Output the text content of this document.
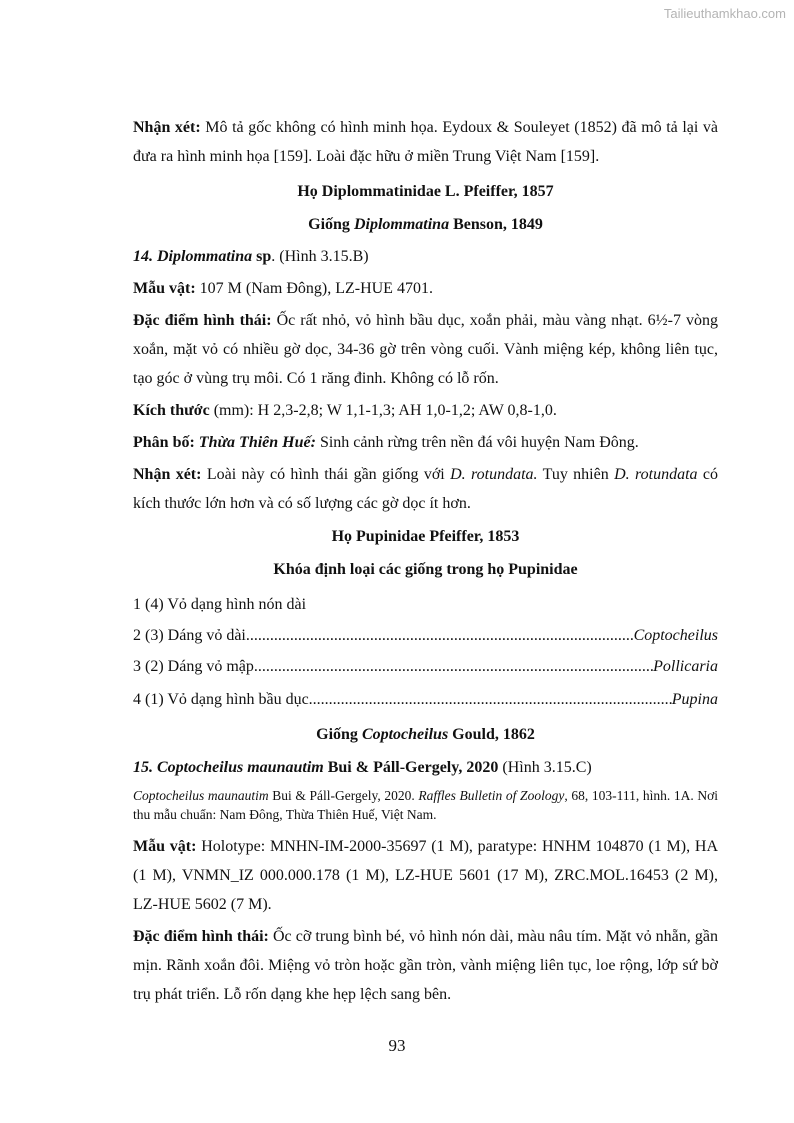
Tailieuthamkhao.com

Nhận xét: Mô tả gốc không có hình minh họa. Eydoux & Souleyet (1852) đã mô tả lại và đưa ra hình minh họa [159]. Loài đặc hữu ở miền Trung Việt Nam [159].

Họ Diplommatinidae L. Pfeiffer, 1857

Giống Diplommatina Benson, 1849

14. Diplommatina sp. (Hình 3.15.B)

Mẫu vật: 107 M (Nam Đông), LZ-HUE 4701.

Đặc điểm hình thái: Ốc rất nhỏ, vỏ hình bầu dục, xoắn phải, màu vàng nhạt. 6½-7 vòng xoắn, mặt vỏ có nhiều gờ dọc, 34-36 gờ trên vòng cuối. Vành miệng kép, không liên tục, tạo góc ở vùng trụ môi. Có 1 răng đinh. Không có lỗ rốn.

Kích thước (mm): H 2,3-2,8; W 1,1-1,3; AH 1,0-1,2; AW 0,8-1,0.

Phân bố: Thừa Thiên Huế: Sinh cảnh rừng trên nền đá vôi huyện Nam Đông.

Nhận xét: Loài này có hình thái gần giống với D. rotundata. Tuy nhiên D. rotundata có kích thước lớn hơn và có số lượng các gờ dọc ít hơn.

Họ Pupinidae Pfeiffer, 1853

Khóa định loại các giống trong họ Pupinidae

1 (4) Vỏ dạng hình nón dài
2 (3) Dáng vỏ dài .....	Coptocheilus
3 (2) Dáng vỏ mập .....	Pollicaria
4 (1) Vỏ dạng hình bầu dục .....	Pupina

Giống Coptocheilus Gould, 1862

15. Coptocheilus maunautim Bui & Páll-Gergely, 2020 (Hình 3.15.C)

Coptocheilus maunautim Bui & Páll-Gergely, 2020. Raffles Bulletin of Zoology, 68, 103-111, hình. 1A. Nơi thu mẫu chuẩn: Nam Đông, Thừa Thiên Huế, Việt Nam.

Mẫu vật: Holotype: MNHN-IM-2000-35697 (1 M), paratype: HNHM 104870 (1 M), HA (1 M), VNMN_IZ 000.000.178 (1 M), LZ-HUE 5601 (17 M), ZRC.MOL.16453 (2 M), LZ-HUE 5602 (7 M).

Đặc điểm hình thái: Ốc cỡ trung bình bé, vỏ hình nón dài, màu nâu tím. Mặt vỏ nhẵn, gần mịn. Rãnh xoắn đôi. Miệng vỏ tròn hoặc gần tròn, vành miệng liên tục, loe rộng, lớp sứ bờ trụ phát triển. Lỗ rốn dạng khe hẹp lệch sang bên.

93
